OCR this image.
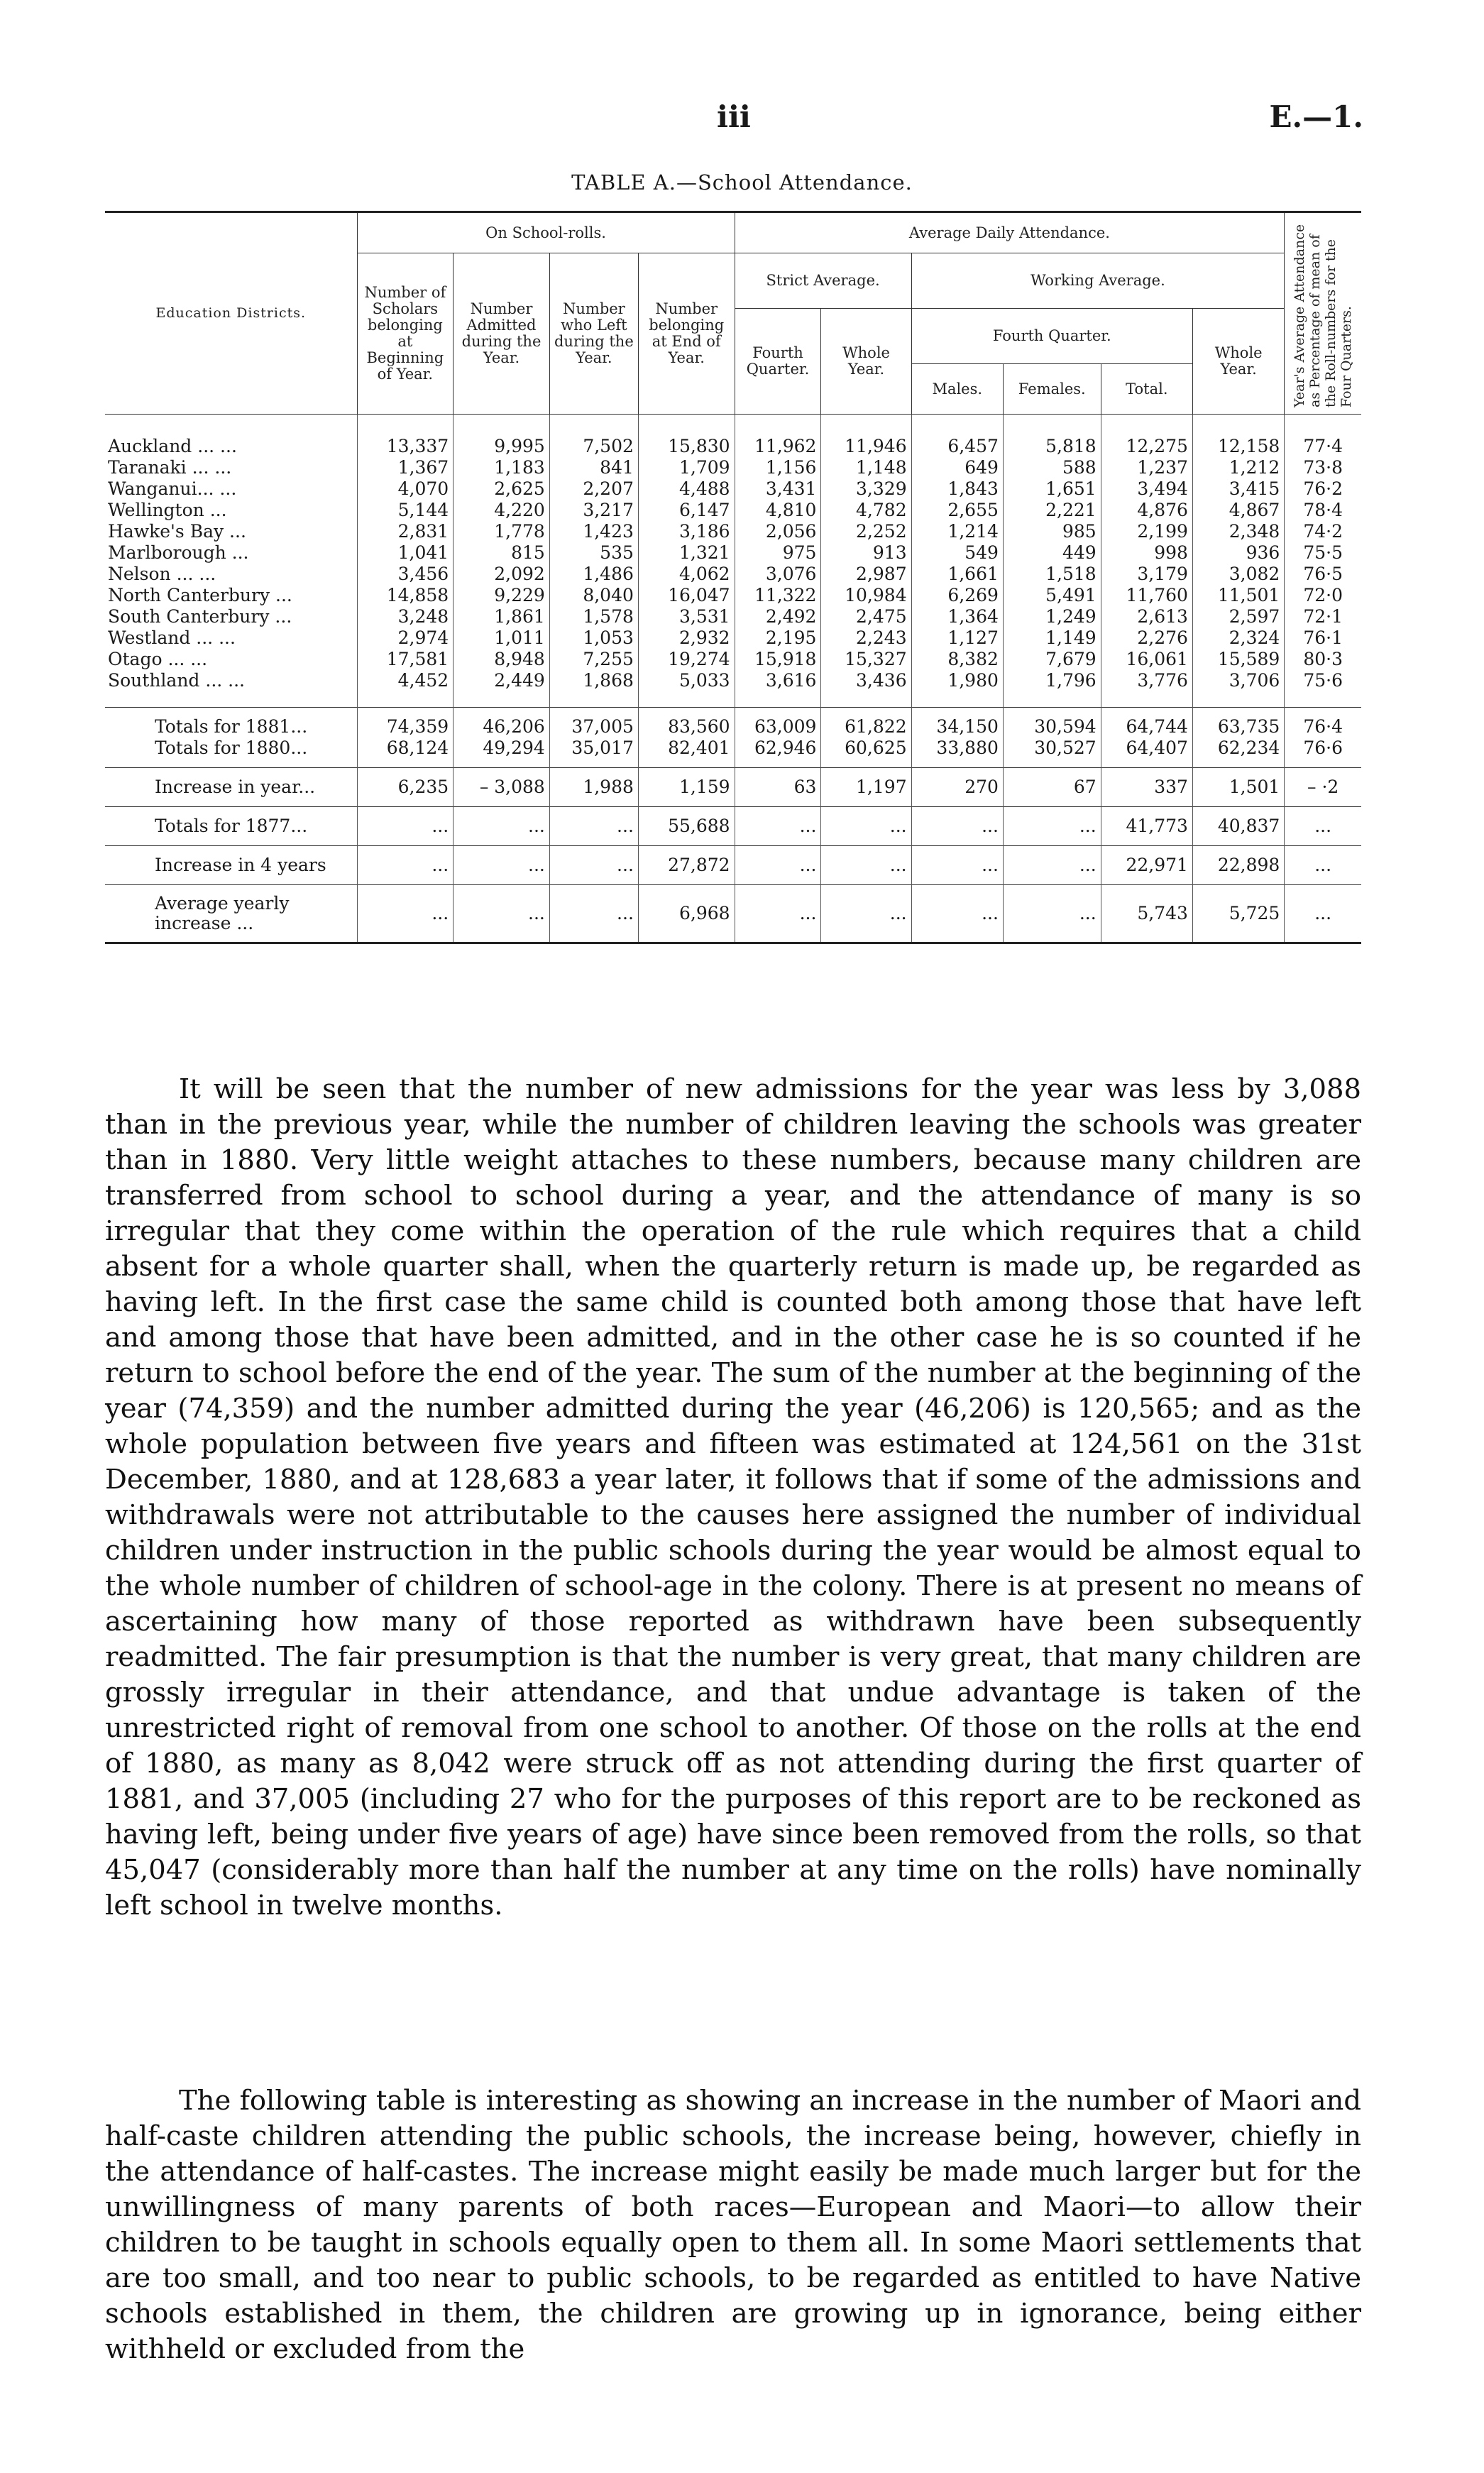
iii	E.—1.
TABLE A.—School Attendance.
Education Districts.	On School-rolls.				Average Daily Attendance.						Year's Average Attendance as Percentage of mean of the Roll-numbers for the Four Quarters.
	Number of Scholars belonging at Beginning of Year.	Number Admitted during the Year.	Number who Left during the Year.	Number belonging at End of Year.	Strict Average.		Working Average.				
					Fourth Quarter.	Whole Year.	Fourth Quarter.			Whole Year.	
							Males.	Females.	Total.		
Auckland ... ...	13,337	9,995	7,502	15,830	11,962	11,946	6,457	5,818	12,275	12,158	77·4
Taranaki ... ...	1,367	1,183	841	1,709	1,156	1,148	649	588	1,237	1,212	73·8
Wanganui... ...	4,070	2,625	2,207	4,488	3,431	3,329	1,843	1,651	3,494	3,415	76·2
Wellington ...	5,144	4,220	3,217	6,147	4,810	4,782	2,655	2,221	4,876	4,867	78·4
Hawke's Bay ...	2,831	1,778	1,423	3,186	2,056	2,252	1,214	985	2,199	2,348	74·2
Marlborough ...	1,041	815	535	1,321	975	913	549	449	998	936	75·5
Nelson ... ...	3,456	2,092	1,486	4,062	3,076	2,987	1,661	1,518	3,179	3,082	76·5
North Canterbury ...	14,858	9,229	8,040	16,047	11,322	10,984	6,269	5,491	11,760	11,501	72·0
South Canterbury ...	3,248	1,861	1,578	3,531	2,492	2,475	1,364	1,249	2,613	2,597	72·1
Westland ... ...	2,974	1,011	1,053	2,932	2,195	2,243	1,127	1,149	2,276	2,324	76·1
Otago ... ...	17,581	8,948	7,255	19,274	15,918	15,327	8,382	7,679	16,061	15,589	80·3
Southland ... ...	4,452	2,449	1,868	5,033	3,616	3,436	1,980	1,796	3,776	3,706	75·6
Totals for 1881...	74,359	46,206	37,005	83,560	63,009	61,822	34,150	30,594	64,744	63,735	76·4
Totals for 1880...	68,124	49,294	35,017	82,401	62,946	60,625	33,880	30,527	64,407	62,234	76·6
Increase in year...	6,235	– 3,088	1,988	1,159	63	1,197	270	67	337	1,501	– ·2
Totals for 1877...	...	...	...	55,688	...	...	...	...	41,773	40,837	...
Increase in 4 years	...	...	...	27,872	...	...	...	...	22,971	22,898	...
Average yearly increase ...	...	...	...	6,968	...	...	...	...	5,743	5,725	...

It will be seen that the number of new admissions for the year was less by 3,088 than in the previous year, while the number of children leaving the schools was greater than in 1880. Very little weight attaches to these numbers, because many children are transferred from school to school during a year, and the attendance of many is so irregular that they come within the operation of the rule which requires that a child absent for a whole quarter shall, when the quarterly return is made up, be regarded as having left. In the first case the same child is counted both among those that have left and among those that have been admitted, and in the other case he is so counted if he return to school before the end of the year. The sum of the number at the beginning of the year (74,359) and the number admitted during the year (46,206) is 120,565; and as the whole population between five years and fifteen was estimated at 124,561 on the 31st December, 1880, and at 128,683 a year later, it follows that if some of the admissions and withdrawals were not attributable to the causes here assigned the number of individual children under instruction in the public schools during the year would be almost equal to the whole number of children of school-age in the colony. There is at present no means of ascertaining how many of those reported as withdrawn have been subsequently readmitted. The fair presumption is that the number is very great, that many children are grossly irregular in their attendance, and that undue advantage is taken of the unrestricted right of removal from one school to another. Of those on the rolls at the end of 1880, as many as 8,042 were struck off as not attending during the first quarter of 1881, and 37,005 (including 27 who for the purposes of this report are to be reckoned as having left, being under five years of age) have since been removed from the rolls, so that 45,047 (considerably more than half the number at any time on the rolls) have nominally left school in twelve months.

The following table is interesting as showing an increase in the number of Maori and half-caste children attending the public schools, the increase being, however, chiefly in the attendance of half-castes. The increase might easily be made much larger but for the unwillingness of many parents of both races—European and Maori—to allow their children to be taught in schools equally open to them all. In some Maori settlements that are too small, and too near to public schools, to be regarded as entitled to have Native schools established in them, the children are growing up in ignorance, being either withheld or excluded from the
